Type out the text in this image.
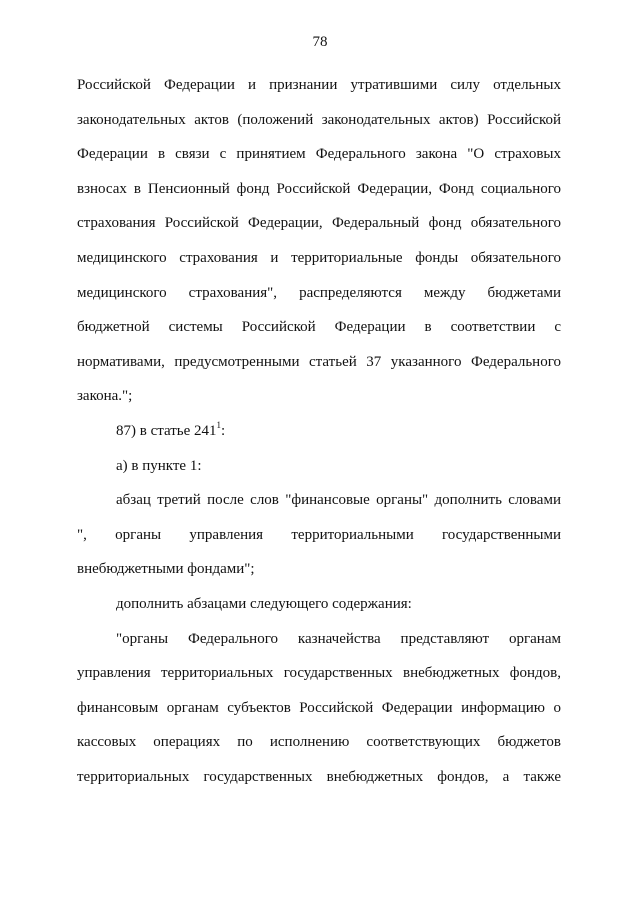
78
Российской Федерации и признании утратившими силу отдельных
законодательных актов (положений законодательных актов) Российской
Федерации в связи с принятием Федерального закона "О страховых
взносах в Пенсионный фонд Российской Федерации, Фонд социального
страхования Российской Федерации, Федеральный фонд обязательного
медицинского страхования и территориальные фонды обязательного
медицинского страхования", распределяются между бюджетами
бюджетной системы Российской Федерации в соответствии с
нормативами, предусмотренными статьей 37 указанного Федерального
закона.";
87) в статье $241^1$:
а) в пункте 1:
абзац третий после слов "финансовые органы" дополнить словами
", органы управления территориальными государственными
внебюджетными фондами";
дополнить абзацами следующего содержания:
"органы Федерального казначейства представляют органам
управления территориальных государственных внебюджетных фондов,
финансовым органам субъектов Российской Федерации информацию о
кассовых операциях по исполнению соответствующих бюджетов
территориальных государственных внебюджетных фондов, а также
